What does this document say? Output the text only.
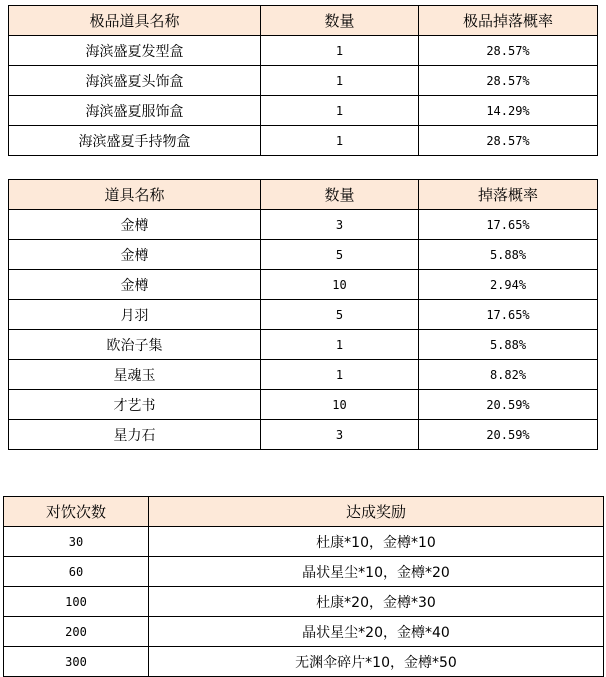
极品道具名称	数量	极品掉落概率
海滨盛夏发型盒	1	28.57%
海滨盛夏头饰盒	1	28.57%
海滨盛夏服饰盒	1	14.29%
海滨盛夏手持物盒	1	28.57%
道具名称	数量	掉落概率
金樽	3	17.65%
金樽	5	5.88%
金樽	10	2.94%
月羽	5	17.65%
欧治子集	1	5.88%
星魂玉	1	8.82%
才艺书	10	20.59%
星力石	3	20.59%
对饮次数	达成奖励
30	杜康*10，金樽*10
60	晶状星尘*10，金樽*20
100	杜康*20，金樽*30
200	晶状星尘*20，金樽*40
300	无渊伞碎片*10，金樽*50
